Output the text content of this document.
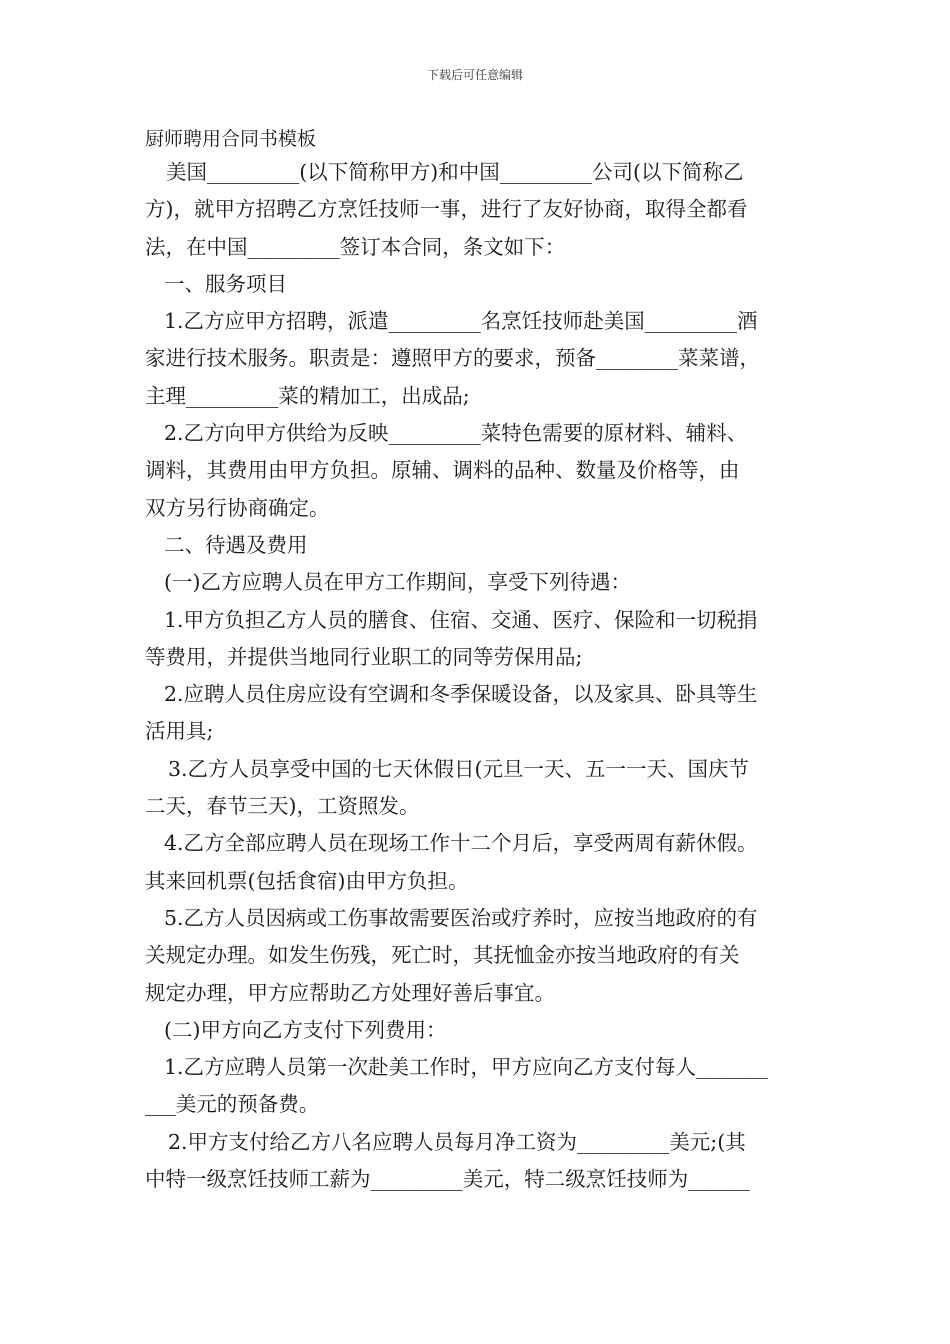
下载后可任意编辑
厨师聘用合同书模板
美国_________(以下简称甲方)和中国_________公司(以下简称乙
方)，就甲方招聘乙方烹饪技师一事，进行了友好协商，取得全都看
法，在中国_________签订本合同，条文如下：
一、服务项目
1.乙方应甲方招聘，派遣_________名烹饪技师赴美国_________酒
家进行技术服务。职责是：遵照甲方的要求，预备________菜菜谱，
主理_________菜的精加工，出成品;
2.乙方向甲方供给为反映_________菜特色需要的原材料、辅料、
调料，其费用由甲方负担。原辅、调料的品种、数量及价格等，由
双方另行协商确定。
二、待遇及费用
(一)乙方应聘人员在甲方工作期间，享受下列待遇：
1.甲方负担乙方人员的膳食、住宿、交通、医疗、保险和一切税捐
等费用，并提供当地同行业职工的同等劳保用品;
2.应聘人员住房应设有空调和冬季保暖设备，以及家具、卧具等生
活用具;
3.乙方人员享受中国的七天休假日(元旦一天、五一一天、国庆节
二天，春节三天)，工资照发。
4.乙方全部应聘人员在现场工作十二个月后，享受两周有薪休假。
其来回机票(包括食宿)由甲方负担。
5.乙方人员因病或工伤事故需要医治或疗养时，应按当地政府的有
关规定办理。如发生伤残，死亡时，其抚恤金亦按当地政府的有关
规定办理，甲方应帮助乙方处理好善后事宜。
(二)甲方向乙方支付下列费用：
1.乙方应聘人员第一次赴美工作时，甲方应向乙方支付每人_______
___美元的预备费。
2.甲方支付给乙方八名应聘人员每月净工资为_________美元;(其
中特一级烹饪技师工薪为_________美元，特二级烹饪技师为______
